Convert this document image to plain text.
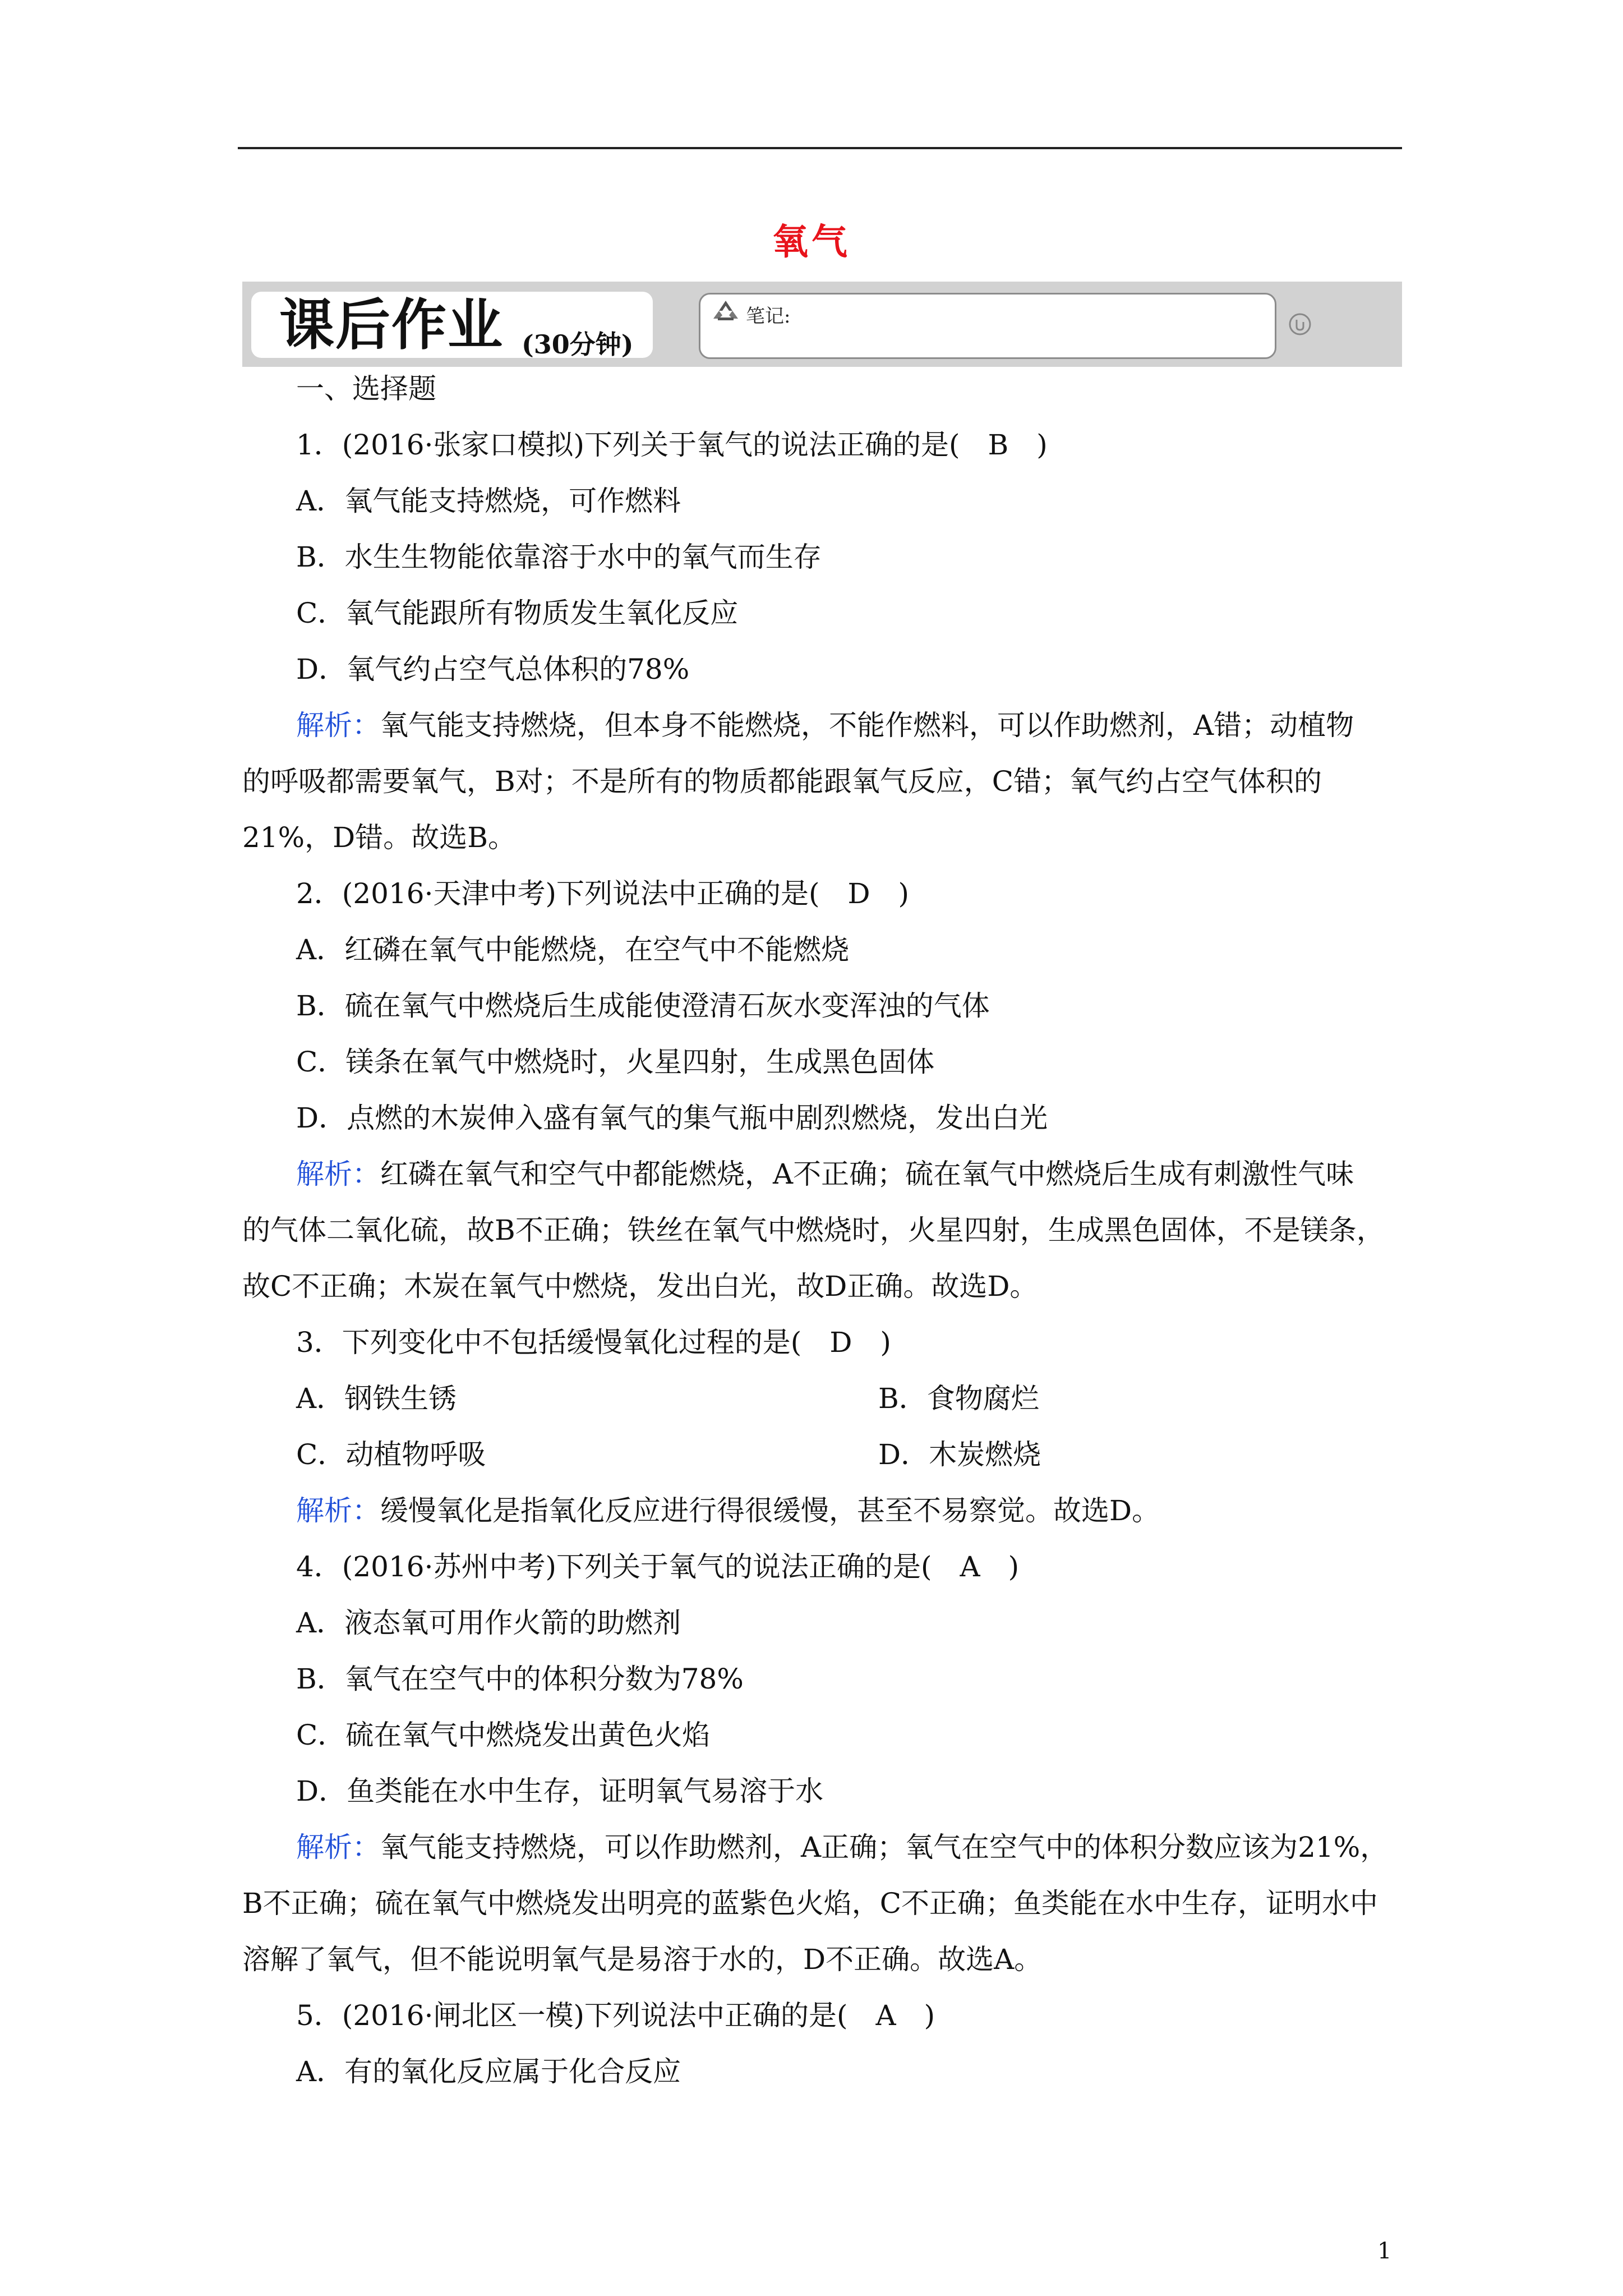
氧气
课后作业 (30分钟)
笔记:
一、选择题
1．(2016·张家口模拟)下列关于氧气的说法正确的是(　B　)
A．氧气能支持燃烧，可作燃料
B．水生生物能依靠溶于水中的氧气而生存
C．氧气能跟所有物质发生氧化反应
D．氧气约占空气总体积的78%
解析：氧气能支持燃烧，但本身不能燃烧，不能作燃料，可以作助燃剂，A错；动植物
的呼吸都需要氧气，B对；不是所有的物质都能跟氧气反应，C错；氧气约占空气体积的
21%，D错。故选B。
2．(2016·天津中考)下列说法中正确的是(　D　)
A．红磷在氧气中能燃烧，在空气中不能燃烧
B．硫在氧气中燃烧后生成能使澄清石灰水变浑浊的气体
C．镁条在氧气中燃烧时，火星四射，生成黑色固体
D．点燃的木炭伸入盛有氧气的集气瓶中剧烈燃烧，发出白光
解析：红磷在氧气和空气中都能燃烧，A不正确；硫在氧气中燃烧后生成有刺激性气味
的气体二氧化硫，故B不正确；铁丝在氧气中燃烧时，火星四射，生成黑色固体，不是镁条，
故C不正确；木炭在氧气中燃烧，发出白光，故D正确。故选D。
3．下列变化中不包括缓慢氧化过程的是(　D　)
A．钢铁生锈	B．食物腐烂
C．动植物呼吸	D．木炭燃烧
解析：缓慢氧化是指氧化反应进行得很缓慢，甚至不易察觉。故选D。
4．(2016·苏州中考)下列关于氧气的说法正确的是(　A　)
A．液态氧可用作火箭的助燃剂
B．氧气在空气中的体积分数为78%
C．硫在氧气中燃烧发出黄色火焰
D．鱼类能在水中生存，证明氧气易溶于水
解析：氧气能支持燃烧，可以作助燃剂，A正确；氧气在空气中的体积分数应该为21%，
B不正确；硫在氧气中燃烧发出明亮的蓝紫色火焰，C不正确；鱼类能在水中生存，证明水中
溶解了氧气，但不能说明氧气是易溶于水的，D不正确。故选A。
5．(2016·闸北区一模)下列说法中正确的是(　A　)
A．有的氧化反应属于化合反应
1
